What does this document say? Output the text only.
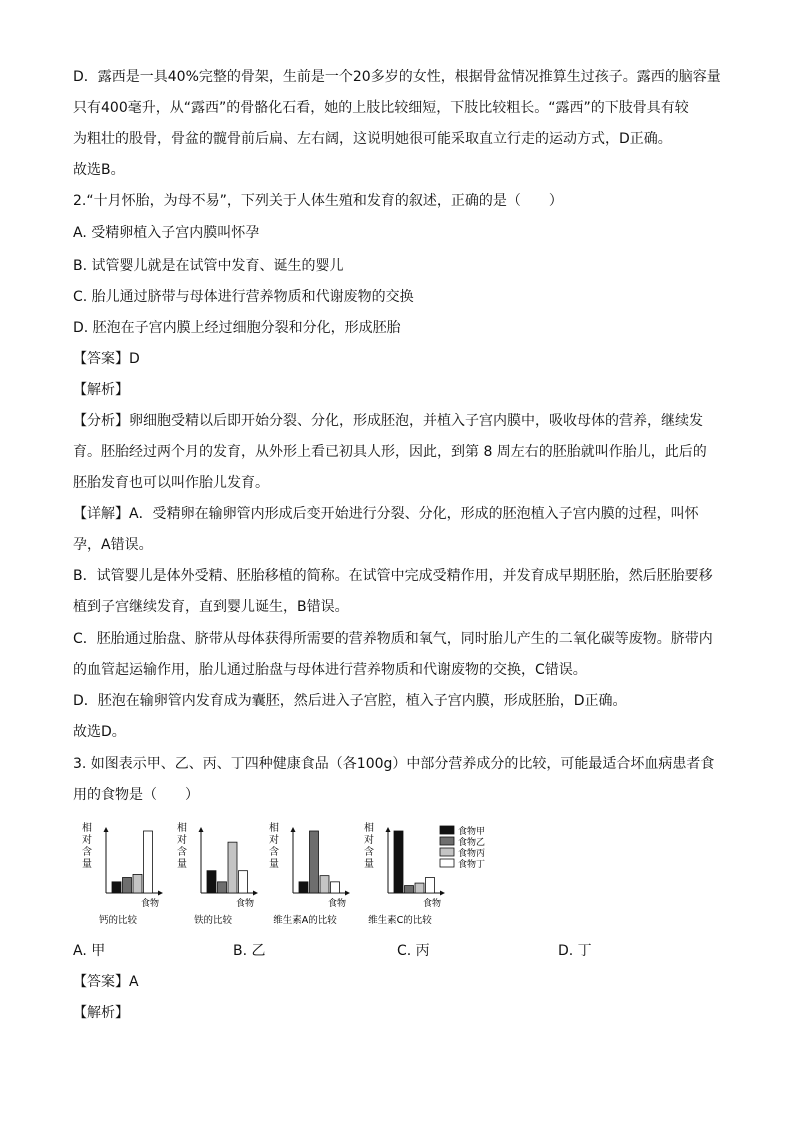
D．露西是一具40%完整的骨架，生前是一个20多岁的女性，根据骨盆情况推算生过孩子。露西的脑容量
只有400毫升，从“露西”的骨骼化石看，她的上肢比较细短，下肢比较粗长。“露西”的下肢骨具有较
为粗壮的股骨，骨盆的髋骨前后扁、左右阔，这说明她很可能采取直立行走的运动方式，D正确。
故选B。
2.“十月怀胎，为母不易”，下列关于人体生殖和发育的叙述，正确的是（　　）
A. 受精卵植入子宫内膜叫怀孕
B. 试管婴儿就是在试管中发育、诞生的婴儿
C. 胎儿通过脐带与母体进行营养物质和代谢废物的交换
D. 胚泡在子宫内膜上经过细胞分裂和分化，形成胚胎
【答案】D
【解析】
【分析】卵细胞受精以后即开始分裂、分化，形成胚泡，并植入子宫内膜中，吸收母体的营养，继续发
育。胚胎经过两个月的发育，从外形上看已初具人形，因此，到第 8 周左右的胚胎就叫作胎儿，此后的
胚胎发育也可以叫作胎儿发育。
【详解】A．受精卵在输卵管内形成后变开始进行分裂、分化，形成的胚泡植入子宫内膜的过程，叫怀
孕，A错误。
B．试管婴儿是体外受精、胚胎移植的简称。在试管中完成受精作用，并发育成早期胚胎，然后胚胎要移
植到子宫继续发育，直到婴儿诞生，B错误。
C．胚胎通过胎盘、脐带从母体获得所需要的营养物质和氧气，同时胎儿产生的二氧化碳等废物。脐带内
的血管起运输作用，胎儿通过胎盘与母体进行营养物质和代谢废物的交换，C错误。
D．胚泡在输卵管内发育成为囊胚，然后进入子宫腔，植入子宫内膜，形成胚胎，D正确。
故选D。
3. 如图表示甲、乙、丙、丁四种健康食品（各100g）中部分营养成分的比较，可能最适合坏血病患者食
用的食物是（　　）
食物
钙的比较
食物
铁的比较
食物
维生素A的比较
食物
维生素C的比较
相
对
含
量
相
对
含
量
相
对
含
量
相
对
含
量
食物甲
食物乙
食物丙
食物丁
A. 甲	B. 乙	C. 丙	D. 丁
【答案】A
【解析】
